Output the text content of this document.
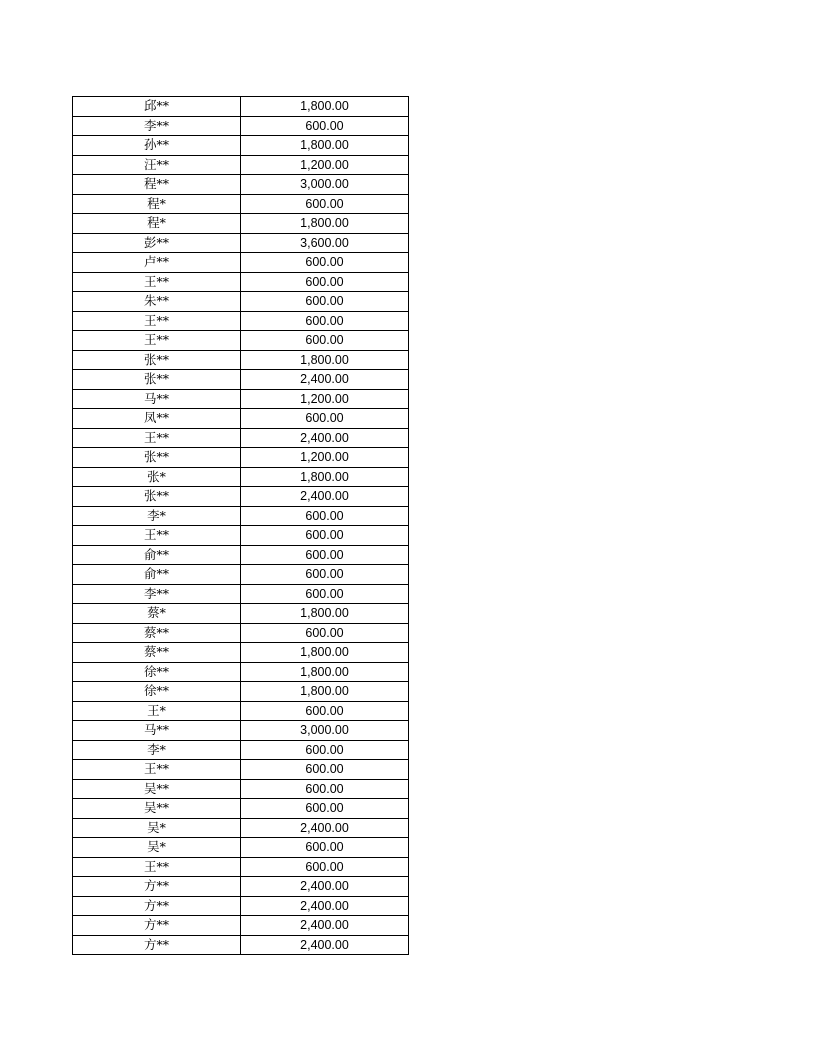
邱**	1,800.00
李**	600.00
孙**	1,800.00
汪**	1,200.00
程**	3,000.00
程*	600.00
程*	1,800.00
彭**	3,600.00
卢**	600.00
王**	600.00
朱**	600.00
王**	600.00
王**	600.00
张**	1,800.00
张**	2,400.00
马**	1,200.00
凤**	600.00
王**	2,400.00
张**	1,200.00
张*	1,800.00
张**	2,400.00
李*	600.00
王**	600.00
俞**	600.00
俞**	600.00
李**	600.00
蔡*	1,800.00
蔡**	600.00
蔡**	1,800.00
徐**	1,800.00
徐**	1,800.00
王*	600.00
马**	3,000.00
李*	600.00
王**	600.00
吴**	600.00
吴**	600.00
吴*	2,400.00
吴*	600.00
王**	600.00
方**	2,400.00
方**	2,400.00
方**	2,400.00
方**	2,400.00
